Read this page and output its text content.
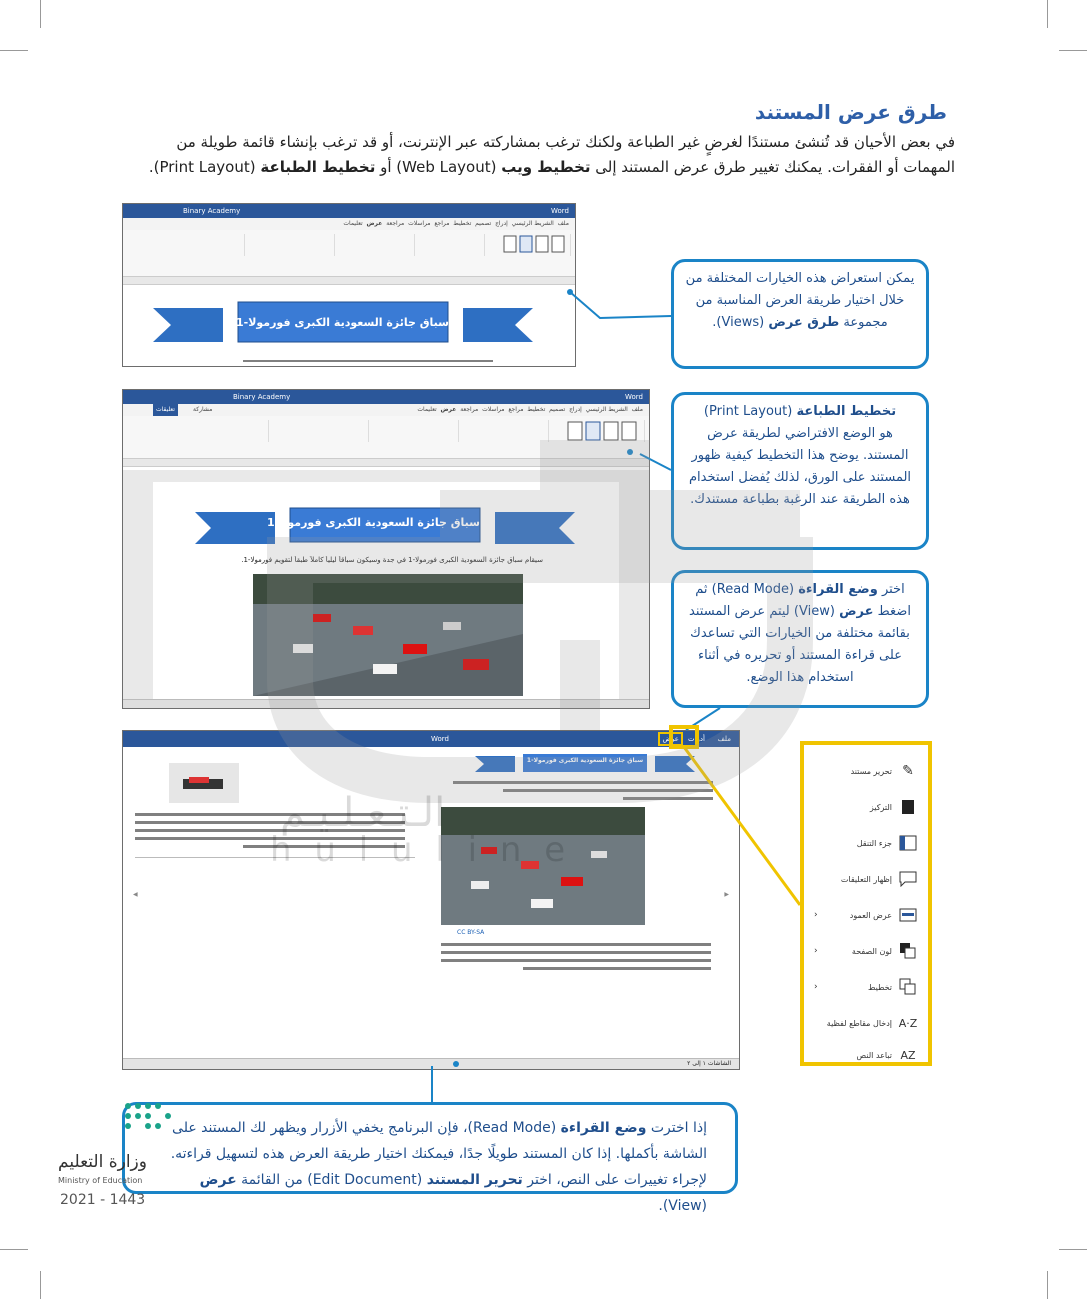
طرق عرض المستند

في بعض الأحيان قد تُنشئ مستندًا لغرضٍ غير الطباعة ولكنك ترغب بمشاركته عبر الإنترنت، أو قد ترغب بإنشاء قائمة طويلة من المهمات أو الفقرات. يمكنك تغيير طرق عرض المستند إلى تخطيط ويب (Web Layout) أو تخطيط الطباعة (Print Layout).

Word
Binary Academy
ملف  الشريط الرئيسي  إدراج  تصميم  تخطيط  مراجع  مراسلات  مراجعة  عرض  تعليمات
سباق جائزة السعودية الكبرى فورمولا-1
Word
Binary Academy
ملف  الشريط الرئيسي  إدراج  تصميم  تخطيط  مراجع  مراسلات  مراجعة  عرض  تعليمات
تعليقات	مشاركة
سباق جائزة السعودية الكبرى فورمولا-1
سيقام سباق جائزة السعودية الكبرى فورمولا-1 في جدة وسيكون سباقاً ليلياً كاملاً طبقاً لتقويم فورمولا-1.
ملف
أدوات
عرض
Word
سباق جائزة السعودية الكبرى فورمولا-1
CC BY-SA
◀	▶
الشاشات ١ إلى ٢
✎
تحرير مستند
التركيز
جزء التنقل
إظهار التعليقات
‹	عرض العمود
‹	لون الصفحة
‹	تخطيط
A·Z
إدخال مقاطع لفظية
AZ
تباعد النص
يمكن استعراض هذه الخيارات المختلفة من خلال اختيار طريقة العرض المناسبة من مجموعة طرق عرض (Views).
تخطيط الطباعة (Print Layout)
هو الوضع الافتراضي لطريقة عرض المستند. يوضح هذا التخطيط كيفية ظهور المستند على الورق، لذلك يُفضل استخدام هذه الطريقة عند الرغبة بطباعة مستندك.
اختر وضع القراءة (Read Mode) ثم اضغط عرض (View) ليتم عرض المستند بقائمة مختلفة من الخيارات التي تساعدك على قراءة المستند أو تحريره في أثناء استخدام هذا الوضع.
إذا اخترت وضع القراءة (Read Mode)، فإن البرنامج يخفي الأزرار ويظهر لك المستند على الشاشة بأكملها. إذا كان المستند طويلًا جدًا، فيمكنك اختيار طريقة العرض هذه لتسهيل قراءته. لإجراء تغييرات على النص، اختر تحرير المستند (Edit Document) من القائمة عرض (View).
وزارة التعليم
Ministry of Education
2021 - 1443
